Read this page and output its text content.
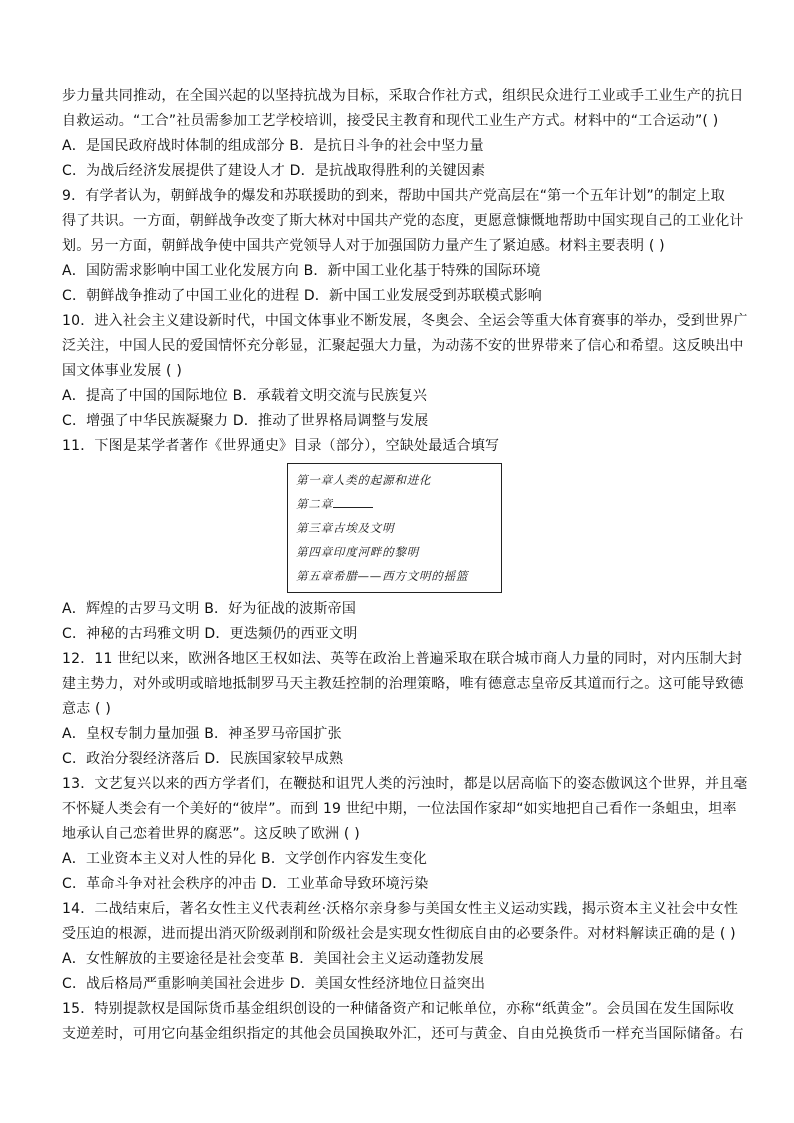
步力量共同推动，在全国兴起的以坚持抗战为目标，采取合作社方式，组织民众进行工业或手工业生产的抗日
自救运动。“工合”社员需参加工艺学校培训，接受民主教育和现代工业生产方式。材料中的“工合运动”( )
A．是国民政府战时体制的组成部分 B．是抗日斗争的社会中坚力量
C．为战后经济发展提供了建设人才 D．是抗战取得胜利的关键因素
9．有学者认为，朝鲜战争的爆发和苏联援助的到来，帮助中国共产党高层在“第一个五年计划”的制定上取
得了共识。一方面，朝鲜战争改变了斯大林对中国共产党的态度，更愿意慷慨地帮助中国实现自己的工业化计
划。另一方面，朝鲜战争使中国共产党领导人对于加强国防力量产生了紧迫感。材料主要表明 ( )
A．国防需求影响中国工业化发展方向 B．新中国工业化基于特殊的国际环境
C．朝鲜战争推动了中国工业化的进程 D．新中国工业发展受到苏联模式影响
10．进入社会主义建设新时代，中国文体事业不断发展，冬奥会、全运会等重大体育赛事的举办，受到世界广
泛关注，中国人民的爱国情怀充分彰显，汇聚起强大力量，为动荡不安的世界带来了信心和希望。这反映出中
国文体事业发展 ( )
A．提高了中国的国际地位 B．承载着文明交流与民族复兴
C．增强了中华民族凝聚力 D．推动了世界格局调整与发展
11．下图是某学者著作《世界通史》目录（部分），空缺处最适合填写
第一章人类的起源和进化
第二章
第三章古埃及文明
第四章印度河畔的黎明
第五章希腊——西方文明的摇篮
A．辉煌的古罗马文明 B．好为征战的波斯帝国
C．神秘的古玛雅文明 D．更迭频仍的西亚文明
12．11 世纪以来，欧洲各地区王权如法、英等在政治上普遍采取在联合城市商人力量的同时，对内压制大封
建主势力，对外或明或暗地抵制罗马天主教廷控制的治理策略，唯有德意志皇帝反其道而行之。这可能导致德
意志 ( )
A．皇权专制力量加强 B．神圣罗马帝国扩张
C．政治分裂经济落后 D．民族国家较早成熟
13．文艺复兴以来的西方学者们，在鞭挞和诅咒人类的污浊时，都是以居高临下的姿态傲讽这个世界，并且毫
不怀疑人类会有一个美好的“彼岸”。而到 19 世纪中期，一位法国作家却“如实地把自己看作一条蛆虫，坦率
地承认自己恋着世界的腐恶”。这反映了欧洲 ( )
A．工业资本主义对人性的异化 B．文学创作内容发生变化
C．革命斗争对社会秩序的冲击 D．工业革命导致环境污染
14．二战结束后，著名女性主义代表莉丝·沃格尔亲身参与美国女性主义运动实践，揭示资本主义社会中女性
受压迫的根源，进而提出消灭阶级剥削和阶级社会是实现女性彻底自由的必要条件。对材料解读正确的是 ( )
A．女性解放的主要途径是社会变革 B．美国社会主义运动蓬勃发展
C．战后格局严重影响美国社会进步 D．美国女性经济地位日益突出
15．特别提款权是国际货币基金组织创设的一种储备资产和记帐单位，亦称“纸黄金”。会员国在发生国际收
支逆差时，可用它向基金组织指定的其他会员国换取外汇，还可与黄金、自由兑换货币一样充当国际储备。右
